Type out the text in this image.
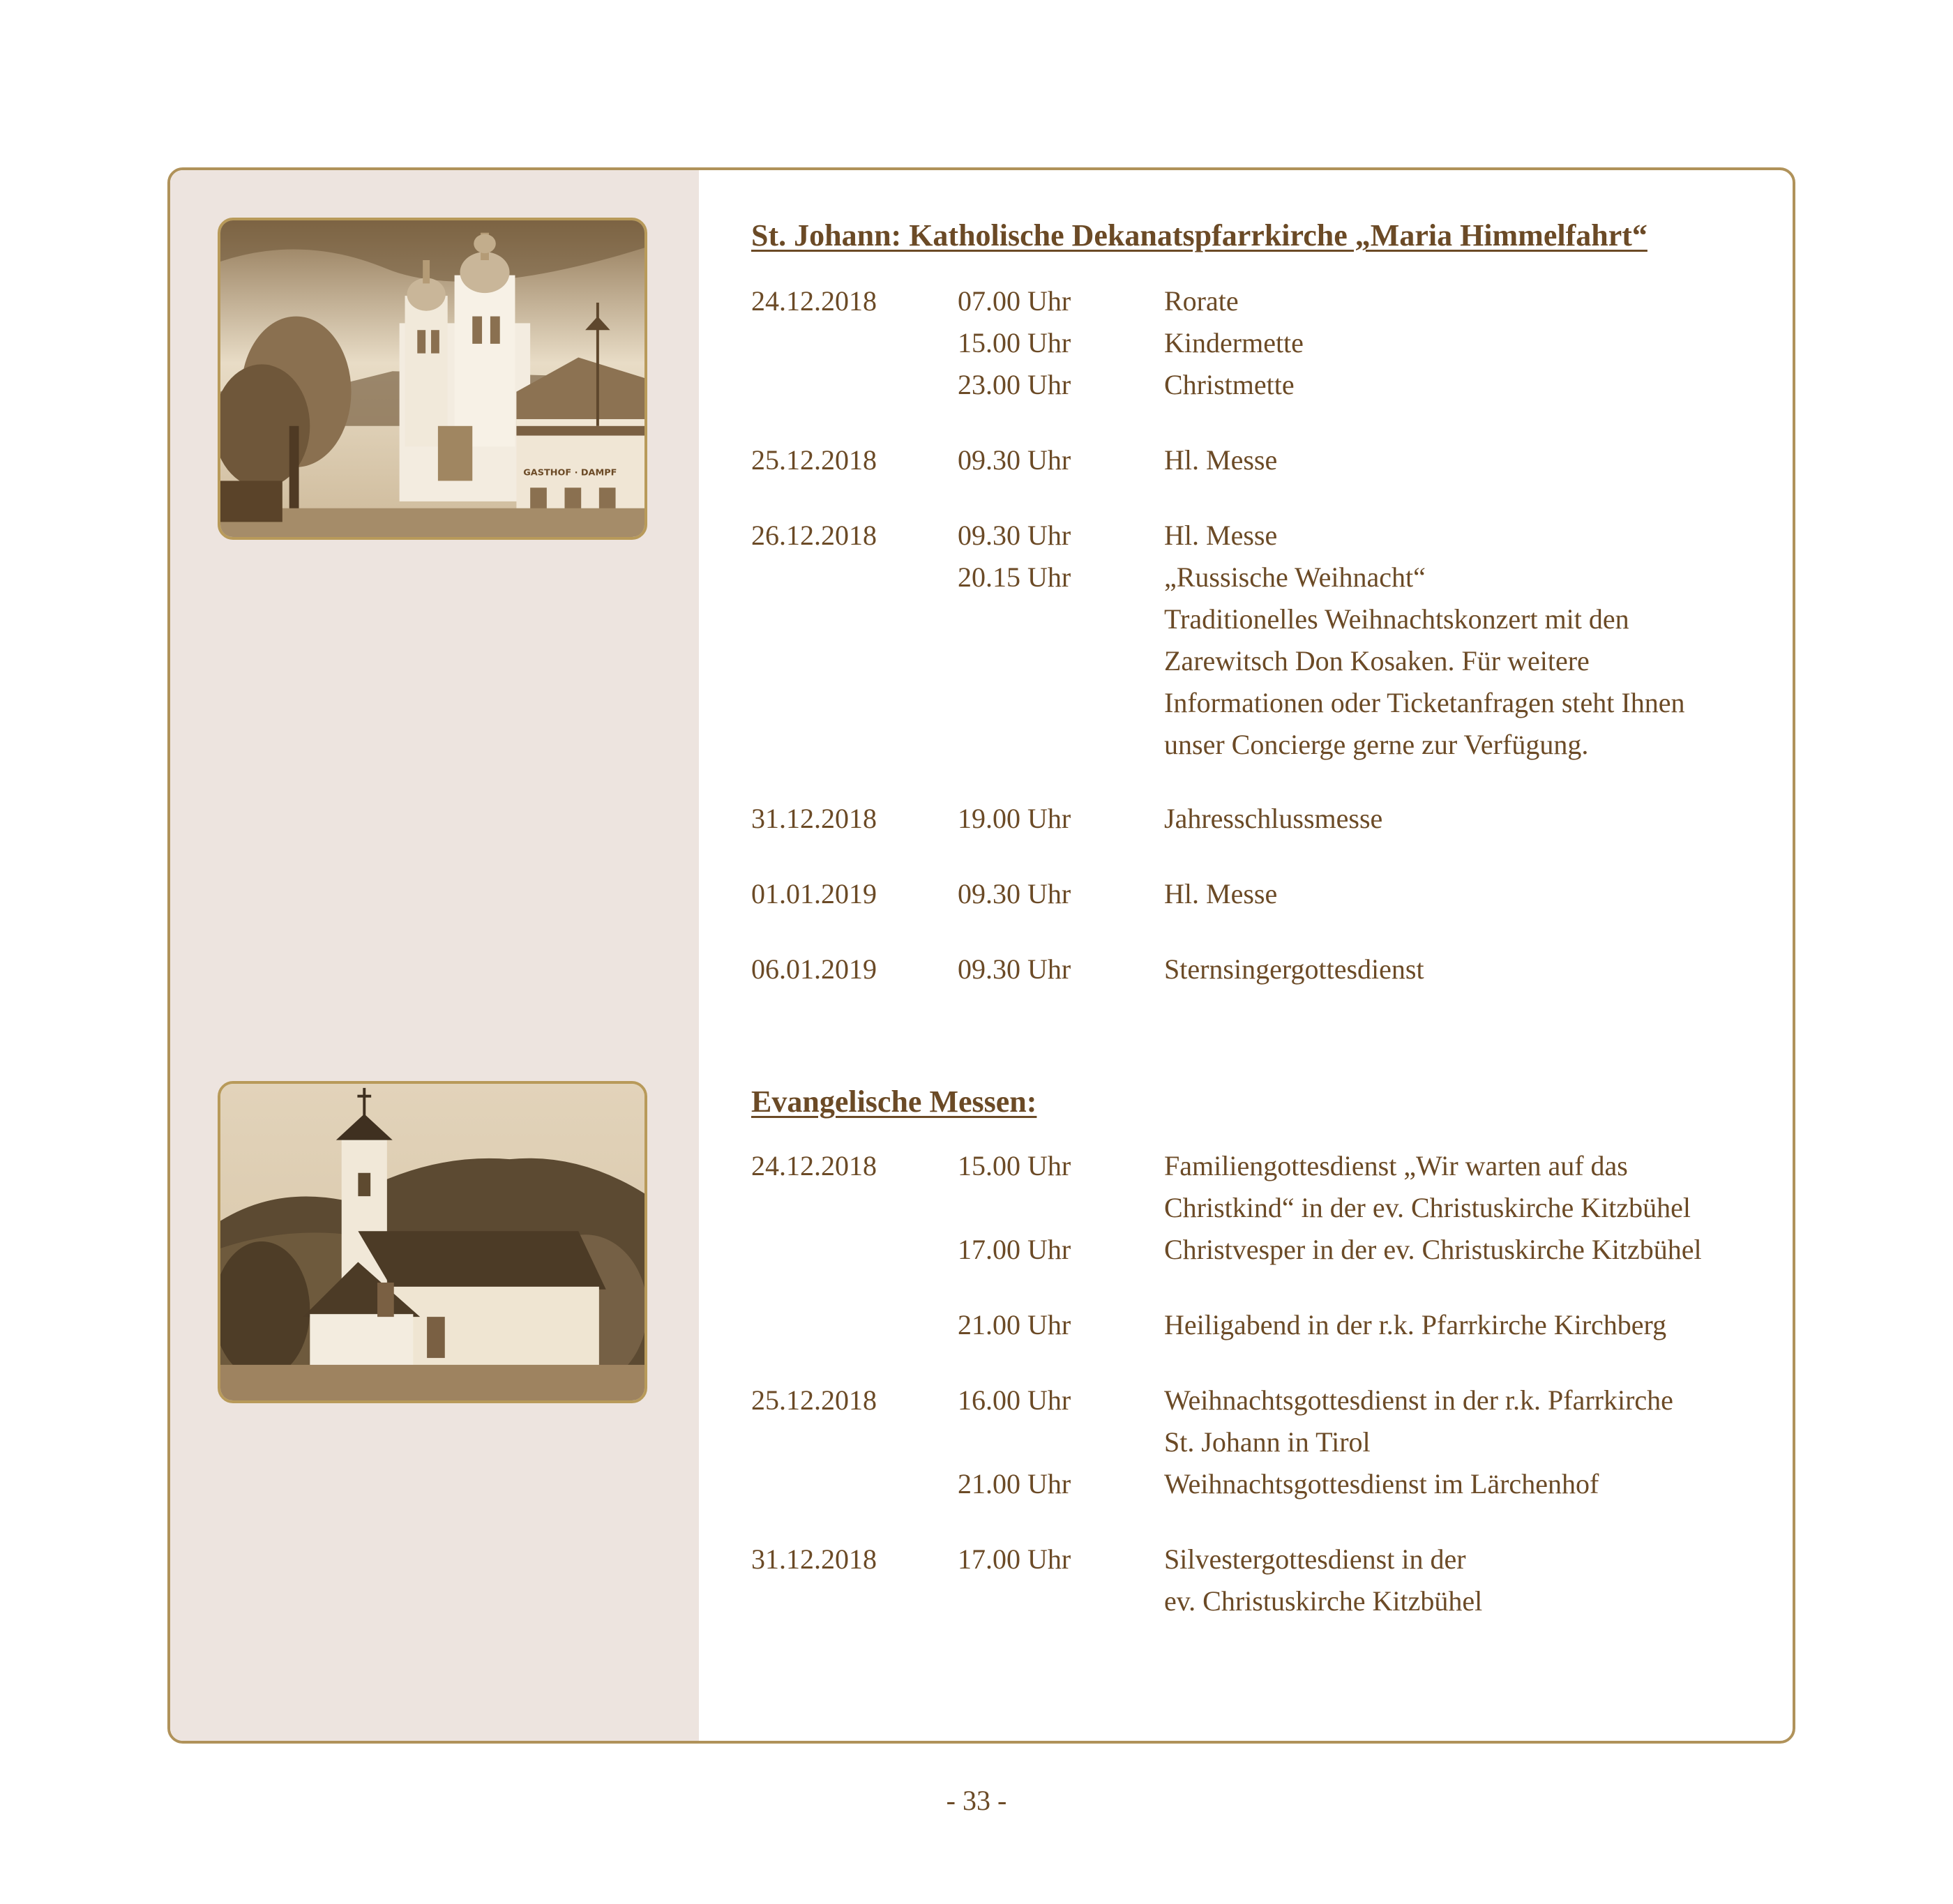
GASTHOF · DAMPF
St. Johann: Katholische Dekanatspfarrkirche „Maria Himmelfahrt“
24.12.2018	07.00 Uhr	Rorate
15.00 Uhr	Kindermette
23.00 Uhr	Christmette
25.12.2018	09.30 Uhr	Hl. Messe
26.12.2018	09.30 Uhr	Hl. Messe
20.15 Uhr	„Russische Weihnacht“
Traditionelles Weihnachtskonzert mit den
Zarewitsch Don Kosaken. Für weitere
Informationen oder Ticketanfragen steht Ihnen
unser Concierge gerne zur Verfügung.
31.12.2018	19.00 Uhr	Jahresschlussmesse
01.01.2019	09.30 Uhr	Hl. Messe
06.01.2019	09.30 Uhr	Sternsingergottesdienst
Evangelische Messen:
24.12.2018	15.00 Uhr	Familiengottesdienst „Wir warten auf das
Christkind“ in der ev. Christuskirche Kitzbühel
17.00 Uhr	Christvesper in der ev. Christuskirche Kitzbühel
21.00 Uhr	Heiligabend in der r.k. Pfarrkirche Kirchberg
25.12.2018	16.00 Uhr	Weihnachtsgottesdienst in der r.k. Pfarrkirche
St. Johann in Tirol
21.00 Uhr	Weihnachtsgottesdienst im Lärchenhof
31.12.2018	17.00 Uhr	Silvestergottesdienst in der
ev. Christuskirche Kitzbühel
- 33 -
